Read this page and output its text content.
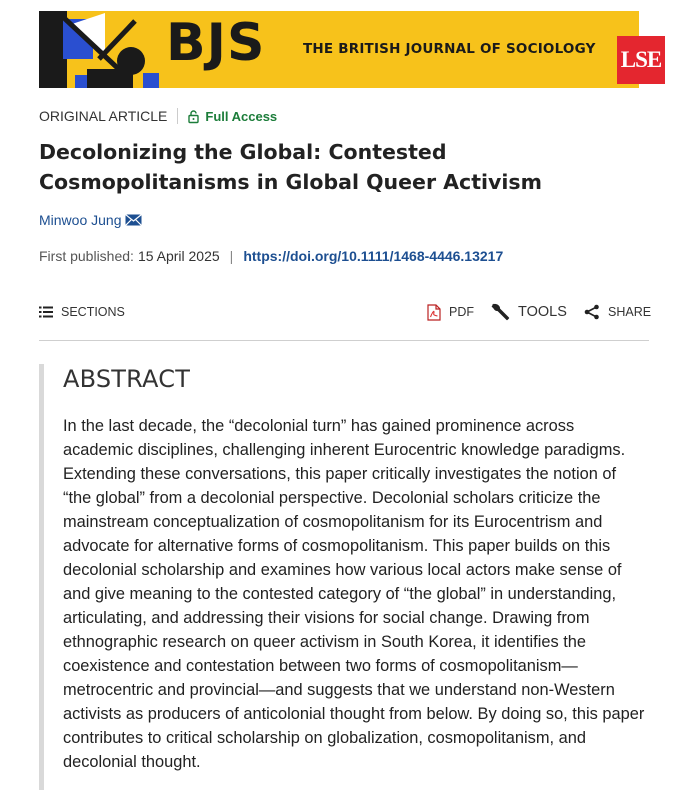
BJS	THE BRITISH JOURNAL OF SOCIOLOGY LSE
ORIGINAL ARTICLE	Full Access
Decolonizing the Global: Contested Cosmopolitanisms in Global Queer Activism
Minwoo Jung
First published: 15 April 2025 | https://doi.org/10.1111/1468-4446.13217
SECTIONS	PDF	TOOLS	SHARE
ABSTRACT

In the last decade, the “decolonial turn” has gained prominence across academic disciplines, challenging inherent Eurocentric knowledge paradigms. Extending these conversations, this paper critically investigates the notion of “the global” from a decolonial perspective. Decolonial scholars criticize the mainstream conceptualization of cosmopolitanism for its Eurocentrism and advocate for alternative forms of cosmopolitanism. This paper builds on this decolonial scholarship and examines how various local actors make sense of and give meaning to the contested category of “the global” in understanding, articulating, and addressing their visions for social change. Drawing from ethnographic research on queer activism in South Korea, it identifies the coexistence and contestation between two forms of cosmopolitanism—metrocentric and provincial—and suggests that we understand non-Western activists as producers of anticolonial thought from below. By doing so, this paper contributes to critical scholarship on globalization, cosmopolitanism, and decolonial thought.
